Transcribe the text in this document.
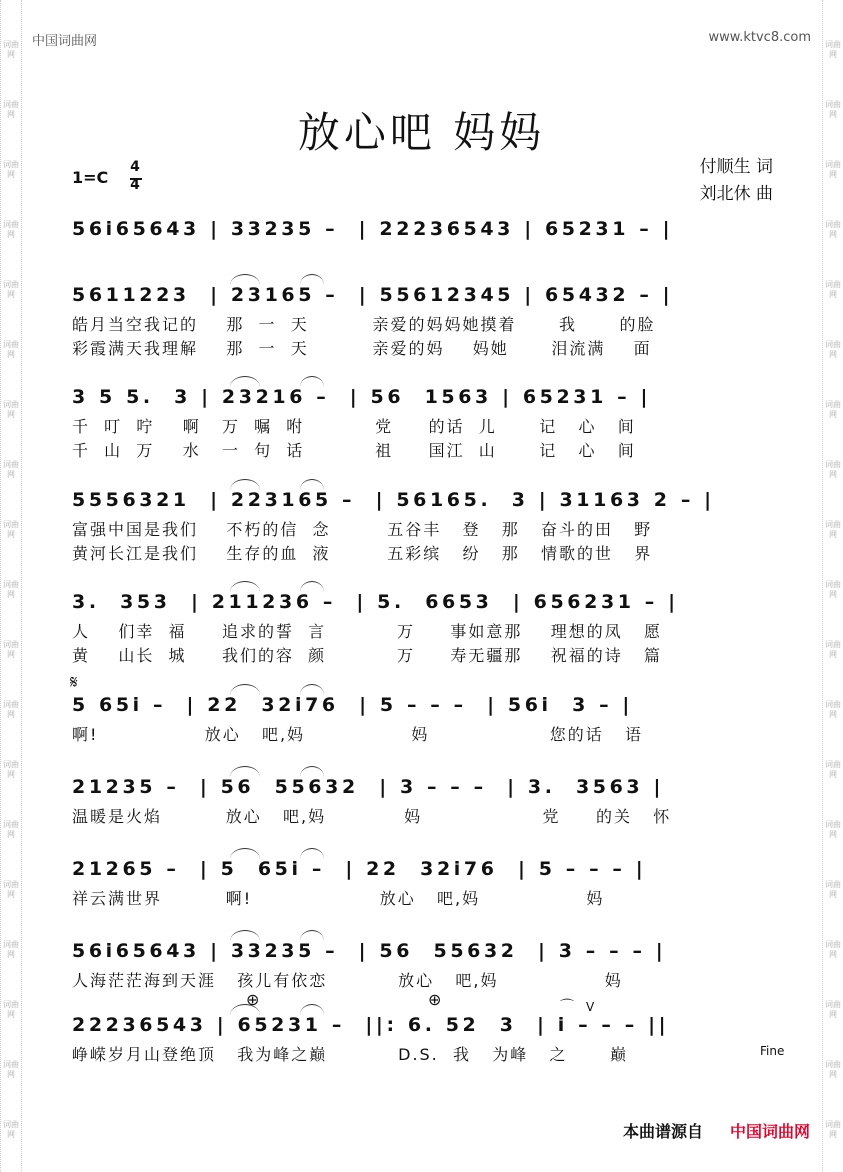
词曲网
词曲网
词曲网
词曲网
词曲网
词曲网
词曲网
词曲网
词曲网
词曲网
词曲网
词曲网
词曲网
词曲网
词曲网
词曲网
词曲网
词曲网
词曲网
词曲网
词曲网
词曲网
词曲网
词曲网
词曲网
词曲网
词曲网
词曲网
词曲网
词曲网
词曲网
词曲网
词曲网
词曲网
词曲网
词曲网
词曲网
词曲网
中国词曲网	www.ktvc8.com
放心吧 妈妈
付顺生 词
刘北休 曲
1=C
4
4
56i65643 | 33235 –  | 22236543 | 65231 – |
5611223  | 23165 –  | 55612345 | 65432 – |
皓月当空我记的    那  一  天         亲爱的妈妈她摸着      我      的脸
彩霞满天我理解    那  一  天         亲爱的妈    妈她      泪流满    面
3 5 5.  3 | 23216 –  | 56  1563 | 65231 – |
千  叮  咛    啊   万  嘱  咐          党     的话  儿      记   心   间
千  山  万    水   一  句  话          祖     国江  山      记   心   间
5556321  | 223165 –  | 56165.  3 | 31163 2 – |
富强中国是我们    不朽的信  念        五谷丰   登   那   奋斗的田   野
黄河长江是我们    生存的血  液        五彩缤   纷   那   情歌的世   界
3.  353  | 211236 –  | 5.  6653  | 656231 – |
人    们幸  福     追求的誓  言          万     事如意那    理想的凤   愿
黄    山长  城     我们的容  颜          万     寿无疆那    祝福的诗   篇
5 65i –  | 22  32i76  | 5 – – –  | 56i  3 – |
啊!               放心   吧,妈               妈                 您的话   语
21235 –  | 56  55632  | 3 – – –  | 3.  3563 |
温暖是火焰         放心   吧,妈           妈                 党     的关   怀
21265 –  | 5  65i –  | 22  32i76  | 5 – – – |
祥云满世界         啊!                  放心   吧,妈               妈
56i65643 | 33235 –  | 56  55632  | 3 – – – |
人海茫茫海到天涯   孩儿有依恋          放心   吧,妈               妈
22236543 | 65231 –  ||: 6. 52  3  | i – – – ||
峥嵘岁月山登绝顶   我为峰之巅          D.S.  我   为峰   之      巅
𝄋
⊕	⊕	V
⌒
Fine
本曲谱源自 中国词曲网
